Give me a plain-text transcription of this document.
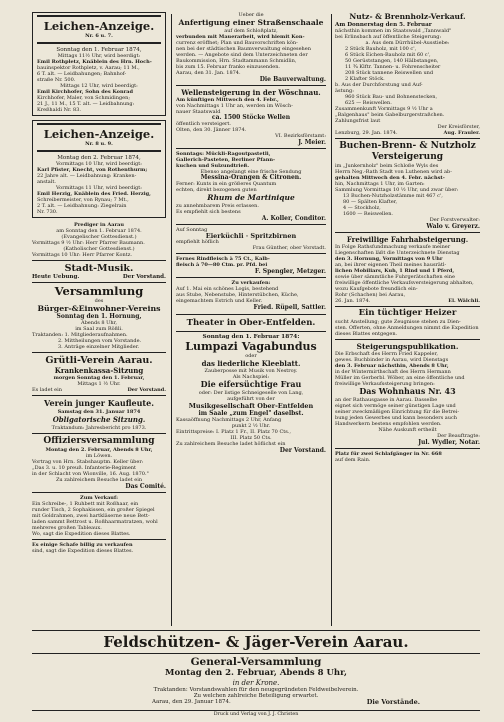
Leichen-Anzeige.
Nr. 6 u. 7.
Sonntag den 1. Februar 1874,
Mittags 11½ Uhr, wird beerdigt:
Emil Rothpletz, Knäblein des Hrn. Hoch-
bauinspektor Rothpletz, v. Aarau; 11 M.,
6 T. alt. — Leidbahungen; Bahnhof-
straße Nr. 500.
Mittags 12 Uhr, wird beerdigt:
Emil Kirchhofer, Sohn des Konrad
Kirchhofer, Maler, von Schmidingen;
21 J., 11 M., 15 T. alt. — Leidbahnung:
Kreßhaldi Nr. 83.
Leichen-Anzeige.
Nr. 8 u. 9.
Montag den 2. Februar 1874,
Vormittags 10 Uhr, wird beerdigt:
Karl Pfister, Knecht, von Rothenthurm;
22 Jahre alt. — Leidbahnung: Kranken-
anstalt.
Vormittags 11 Uhr, wird beerdigt:
Emil Herzig, Knäblein des Fried. Herzig,
Schreibermeister, von Rynau; 7 Mt.,
2 T. alt. — Leidbahnung: Ziegelrain
Nr. 730.
Prediger in Aarau
am Sonntag den 1. Februar 1874.
(Evangelischer Gottesdienst.)
Vormittags 9 ½ Uhr: Herr Pfarrer Baumann.
(Katholischer Gottesdienst.)
Vormittags 10 Uhr: Herr Pfarrer Kontz.
Stadt-Musik.
Heute Uebung.	Der Vorstand.
Versammlung
des
Bürger-&Einwohner-Vereins
Sonntag den 1. Hornung,
Abends 8 Uhr,
im Saal zum Rößli.
Traktanden: 1. Mitgliederaufnahmen.
2. Mittheilungen vom Vorstande.
3. Anträge einzelner Mitglieder.
Grütli-Verein Aarau.
Krankenkassa-Sitzung
morgen Sonntag den 1. Februar,
Mittags 1 ½ Uhr.
Es ladet ein	Der Vorstand.
Verein junger Kaufleute.
Samstag den 31. Januar 1874
Obligatorische Sitzung.
Traktandum: Jahresbericht pro 1873.
Offiziersversammlung
Montag den 2. Februar, Abends 8 Uhr,
im Löwen.
Vortrag von Hrn. Stabshauptm. Keller über:
„Das 3. u. 10 preuß. Infanterie-Regiment
in der Schlacht von Wionville, 16. Aug. 1870."
Zu zahlreichem Besuche ladet ein
Das Comité.
Zum Verkauf:
Ein Schreibe-, 1 Ruhbett mit Roßhaar, ein
runder Tisch, 2 Sophakissen, ein großer Spiegel
mit Goldrahmen, zwei hartkläserne neue Bett-
laden sammt Bettrost u. Roßhaarmatratzen, wohl
mehreres großen Tableaux.
Wo, sagt die Expedition dieses Blattes.
Es einige Schafe billig zu verkaufen
sind, sagt die Expedition dieses Blattes.
Ueber die
Anfertigung einer Straßenschaale
auf dem Schloßplatz,
verbunden mit Mauerarbeit, wird hiemit Kon-
currenz eröffnet; Plan und Bauvorschriften kön-
nen bei der städtischen Baumverwaltung eingesehen
werden. — Angebote sind dem Unterzeichneten der
Baukommission, Hrn. Stadtammann Schmidlin,
bis zum 15. Februar franko einzusenden.
Aarau, den 31. Jan. 1874.
Die Bauverwaltung.
Wellensteigerung in der Wöschnau.
Am künftigen Mittwoch den 4. Febr.,
von Nachmittags 1 Uhr an, werden im Wösch-
nauer Staatswald
ca. 1500 Stöcke Wellen
öffentlich versteigert.
Olten, den 30. Jänner 1874.
VI. Bezirksförstamt:
J. Meier.
Sonntags: Mückli-Ragoutpastetli,
Gallerich-Pasteten, Berliner Pfann-
kuchen und Sulzundtrieß.
Ebenso angelangt eine frische Sendung
Messina-Orangen & Citronen.
Ferner: Kunts in ein größeres Quantum
echten, direkt bezogenen guten
Rhum de Martinique
zu annehmbarem Preis erlassen.
Es empfiehlt sich bestens
A. Koller, Conditor.
Auf Sonntag
Eierküchli · Spritzbirnen
empfiehlt höflich
Frau Günther, ober Vorstadt.
Fernes Rindfleisch à 75 Ct., Kalb-
fleisch à 70—80 Ctm. pr. Pfd. bei
F. Spengler, Metzger.
Zu verkaufen:
Auf 1. Mai ein schönes Logis, bestehend
aus Stube, Nebenstube, Hinterstübchen, Küche,
eingemachtem Estrich und Keller.
Fried. Rüpell, Sattler.
Theater in Ober-Entfelden.
Sonntag den 1. Februar 1874:
Lumpazi Vagabundus
oder
das liederliche Kleeblatt.
Zauberposse mit Musik von Nestroy.
Als Nachspiel:
Die eifersüchtige Frau
oder: Der listige Schneigeselle von Lang,
aufgeführt von der
Musikgesellschaft Ober-Entfelden
im Saale „zum Engel" daselbst.
Kassaöffnung Nachmittags 2 Uhr, Anfang
punkt 2 ½ Uhr.
Eintrittspreise: I. Platz 1 Fr., II. Platz 70 Cts.,
III. Platz 50 Cts.
Zu zahlreichem Besuche ladet höflichst ein
Der Vorstand.
Nutz- & Brennholz-Verkauf.
Am Donnerstag den 5. Februar
nächsthin kommen im Staatswald „Tannwald"
bei Erlinsbach auf öffentliche Steigerung:
a. Aus dem Dürrhübel-Ausstiebe:
2 Stück Bauholz, mit 100 c',
6 Stück Eichen-Bauholz mit 60 c',
50 Gerüststangen, 140 Hälbstangen,
11 ¾ Klftr. Tannen- u. Fohrenscheiter
208 Stück tannene Reiswellen und
2 Klafter Stöck.
b. Aus der Durchforstung und Auf-
ästung:
960 Stück Bau- und Bohnenstecken,
625 — Reiswellen.
Zusammenkunft Vormittags 9 ½ Uhr a
„Balgenhaus" beim Gabelburgerstraßchen.
Zahlungsfrist laut
Der Kreisförster,
Lenzburg, 29. Jan. 1874.	Aug. Frauler.
Buchen-Brenn- & Nutzholz
Versteigerung
im „Junkernholz" beim Schloße Wyls des
Herrn Neg.-Rath Stadt von Luthenen wird ab-
gehalten Mittwoch den 4. Febr. nächst-
hin, Nachmittags 1 Uhr, im Garten:
Sammlung Vormittags 10 ½ Uhr, und zwar über:
13 Buchen-Nutzholzstämme mit 467 c',
80 — Spälten Klafter,
4 — Stockholz,
1600 — Reiswellen.
Der Forstverwalter:
Walo v. Greyerz.
Freiwillige Fahrhabsteigerung.
In Folge Rathsfundmachung verkaufe meiner
Liegenschaften läßt die Unterzeichnete Dienstag
den 3. Hornung, Vormittags von 9 Uhr
an, bei ihrer eigenen Theil meines hausrätl-
lichen Mobiliars, Kuh, 1 Rind und 1 Pferd,
sowie über sämmtliche Fuhrgerätschaften eine
freiwillige öffentliche Verkaufsversteigerung abhalten,
wozu Kaufgebote freundlich ein-
Rohr (Schachen) bei Aarau,
26. Jan. 1874.	El. Wälchli.
Ein tüchtiger Heizer
sucht Anstellung; gute Zeugnisse stehen zu Dien-
sten. Offerten, ohne Anmeldungen nimmt die Expedition
dieses Blattes entgegen.
Steigerungspublikation.
Die Erbschaft des Herrn Fried Kappeler,
gewes. Buchbinder in Aarau, wird Dienstags
den 3. Februar nächsthin, Abends 8 Uhr,
in der Wintermirthschaft des Herrn Hermann
Müller im Gerberbl. Wöber, an eine öffentliche und
freiwillige Verkaufssteigerung bringen:
Das Wohnhaus Nr. 43
an der Rathausgasse in Aarau. Dasselbe
eignet sich vermöge seiner günstigen Lage und
seiner zweckmäßigen Einrichtung für die Betrei-
bung jeden Gewerbes und kann besonders auch
Handwerkern bestens empfohlen werden.
Nähe Auskunft ertheilt
Der Beauftragte:
Jul. Wydler, Notar.
Platz für zwei Schlafgänger in Nr. 668
auf dem Rain.
Feldschützen- & Jäger-Verein Aarau.
General-Versammlung
Montag den 2. Februar, Abends 8 Uhr,
in der Krone.
Traktanden: Vorstandswahlen für den neugegründeten Feldweibelverein.
Zu welchen zahlreiche Beteiligung erwartet.
Aarau, den 29. Januar 1874.	Die Vorstände.
Druck und Verlag von J. J. Christen
